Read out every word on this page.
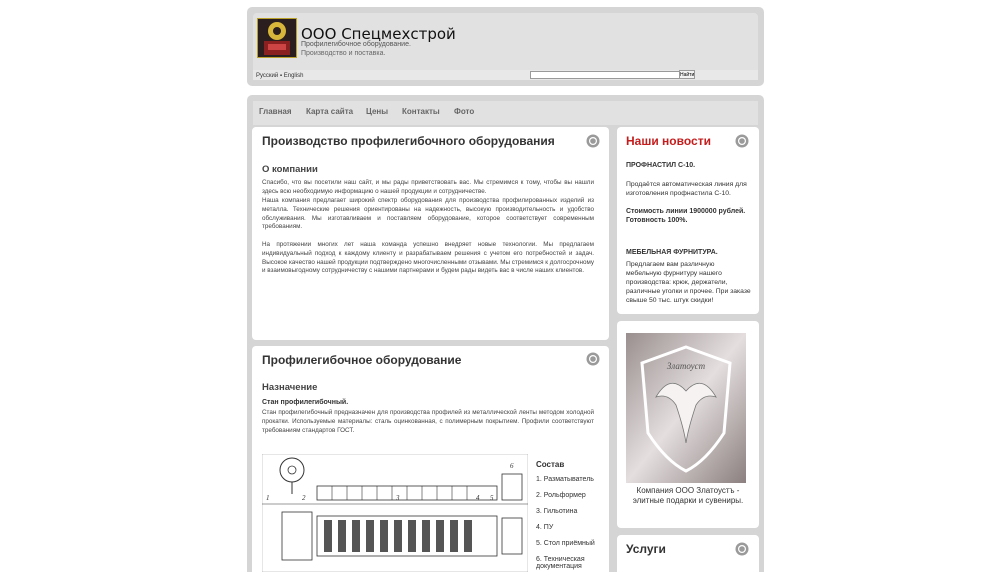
ООО Спецмехстрой
Профилегибочное оборудование.
Производство и поставка.
Русский ▪ English	Найти
Главная Карта сайта Цены Контакты Фото
Производство профилегибочного оборудования
О компании
Спасибо, что вы посетили наш сайт, и мы рады приветствовать вас. Мы стремимся к тому, чтобы вы нашли здесь всю необходимую информацию о нашей продукции и сотрудничестве.
Наша компания предлагает широкий спектр оборудования для производства профилированных изделий из металла. Технические решения ориентированы на надежность, высокую производительность и удобство обслуживания. Мы изготавливаем и поставляем оборудование, которое соответствует современным требованиям.
На протяжении многих лет наша команда успешно внедряет новые технологии. Мы предлагаем индивидуальный подход к каждому клиенту и разрабатываем решения с учетом его потребностей и задач. Высокое качество нашей продукции подтверждено многочисленными отзывами. Мы стремимся к долгосрочному и взаимовыгодному сотрудничеству с нашими партнерами и будем рады видеть вас в числе наших клиентов.
Профилегибочное оборудование
Назначение
Стан профилегибочный.
Стан профилегибочный предназначен для производства профилей из металлической ленты методом холодной прокатки. Используемые материалы: сталь оцинкованная, с полимерным покрытием. Профили соответствуют требованиям стандартов ГОСТ.
1	2	3	4 5
6	Состав
1. Разматыватель
2. Рольформер
3. Гильотина
4. ПУ
5. Стол приёмный
6. Техническая документация
Наши новости
ПРОФНАСТИЛ С-10.
Продаётся автоматическая линия для изготовления профнастила С-10.
Стоимость линии 1900000 рублей. Готовность 100%.
МЕБЕЛЬНАЯ ФУРНИТУРА.
Предлагаем вам различную мебельную фурнитуру нашего производства: крюк, держатели, различные уголки и прочее. При заказе свыше 50 тыс. штук скидки!
Златоуст
Компания ООО Златоустъ - элитные подарки и сувениры.
Услуги
